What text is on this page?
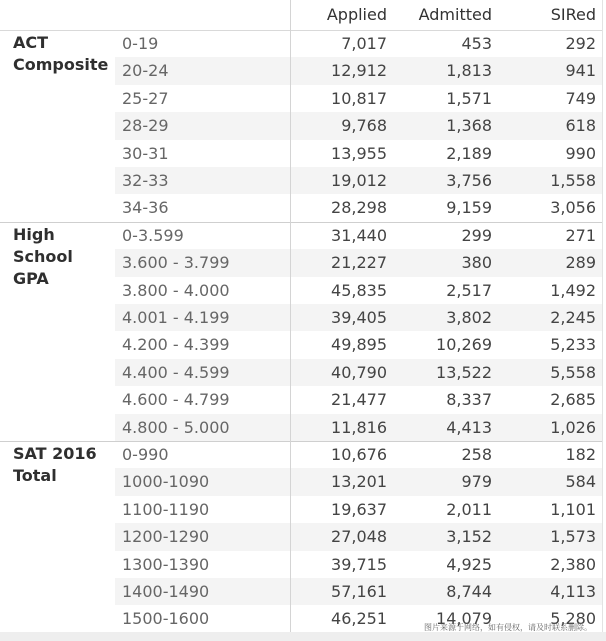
Applied	Admitted	SIRed
ACT
Composite
0-19	7,017	453	292
20-24	12,912	1,813	941
25-27	10,817	1,571	749
28-29	9,768	1,368	618
30-31	13,955	2,189	990
32-33	19,012	3,756	1,558
34-36	28,298	9,159	3,056
High School
GPA
0-3.599	31,440	299	271
3.600 - 3.799	21,227	380	289
3.800 - 4.000	45,835	2,517	1,492
4.001 - 4.199	39,405	3,802	2,245
4.200 - 4.399	49,895	10,269	5,233
4.400 - 4.599	40,790	13,522	5,558
4.600 - 4.799	21,477	8,337	2,685
4.800 - 5.000	11,816	4,413	1,026
SAT 2016
Total
0-990	10,676	258	182
1000-1090	13,201	979	584
1100-1190	19,637	2,011	1,101
1200-1290	27,048	3,152	1,573
1300-1390	39,715	4,925	2,380
1400-1490	57,161	8,744	4,113
1500-1600	46,251	14,079	5,280
图片来源于网络，如有侵权，请及时联系删除。
